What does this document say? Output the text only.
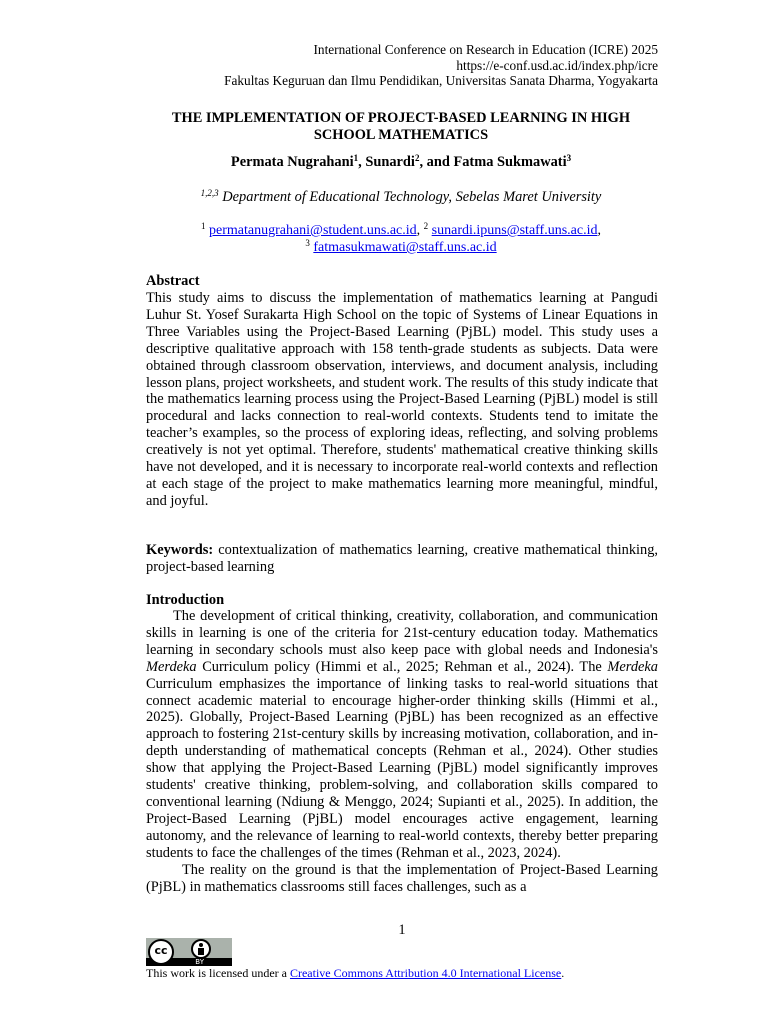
International Conference on Research in Education (ICRE) 2025
https://e-conf.usd.ac.id/index.php/icre
Fakultas Keguruan dan Ilmu Pendidikan, Universitas Sanata Dharma, Yogyakarta
THE IMPLEMENTATION OF PROJECT-BASED LEARNING IN HIGH SCHOOL MATHEMATICS
Permata Nugrahani$^1$, Sunardi$^2$, and Fatma Sukmawati$^3$
$^{1,2,3}$ Department of Educational Technology, Sebelas Maret University
$^1$ permatanugrahani@student.uns.ac.id, $^2$ sunardi.ipuns@staff.uns.ac.id,
$^3$ fatmasukmawati@staff.uns.ac.id
Abstract
This study aims to discuss the implementation of mathematics learning at Pangudi Luhur St. Yosef Surakarta High School on the topic of Systems of Linear Equations in Three Variables using the Project-Based Learning (PjBL) model. This study uses a descriptive qualitative approach with 158 tenth-grade students as subjects. Data were obtained through classroom observation, interviews, and document analysis, including lesson plans, project worksheets, and student work. The results of this study indicate that the mathematics learning process using the Project-Based Learning (PjBL) model is still procedural and lacks connection to real-world contexts. Students tend to imitate the teacher’s examples, so the process of exploring ideas, reflecting, and solving problems creatively is not yet optimal. Therefore, students' mathematical creative thinking skills have not developed, and it is necessary to incorporate real-world contexts and reflection at each stage of the project to make mathematics learning more meaningful, mindful, and joyful.
Keywords: contextualization of mathematics learning, creative mathematical thinking, project-based learning
Introduction

The development of critical thinking, creativity, collaboration, and communication skills in learning is one of the criteria for 21st-century education today. Mathematics learning in secondary schools must also keep pace with global needs and Indonesia's Merdeka Curriculum policy (Himmi et al., 2025; Rehman et al., 2024). The Merdeka Curriculum emphasizes the importance of linking tasks to real-world situations that connect academic material to encourage higher-order thinking skills (Himmi et al., 2025). Globally, Project-Based Learning (PjBL) has been recognized as an effective approach to fostering 21st-century skills by increasing motivation, collaboration, and in-depth understanding of mathematical concepts (Rehman et al., 2024). Other studies show that applying the Project-Based Learning (PjBL) model significantly improves students' creative thinking, problem-solving, and collaboration skills compared to conventional learning (Ndiung & Menggo, 2024; Supianti et al., 2025). In addition, the Project-Based Learning (PjBL) model encourages active engagement, learning autonomy, and the relevance of learning to real-world contexts, thereby better preparing students to face the challenges of the times (Rehman et al., 2023, 2024).

The reality on the ground is that the implementation of Project-Based Learning (PjBL) in mathematics classrooms still faces challenges, such as a

1
cc
BY
This work is licensed under a Creative Commons Attribution 4.0 International License.
